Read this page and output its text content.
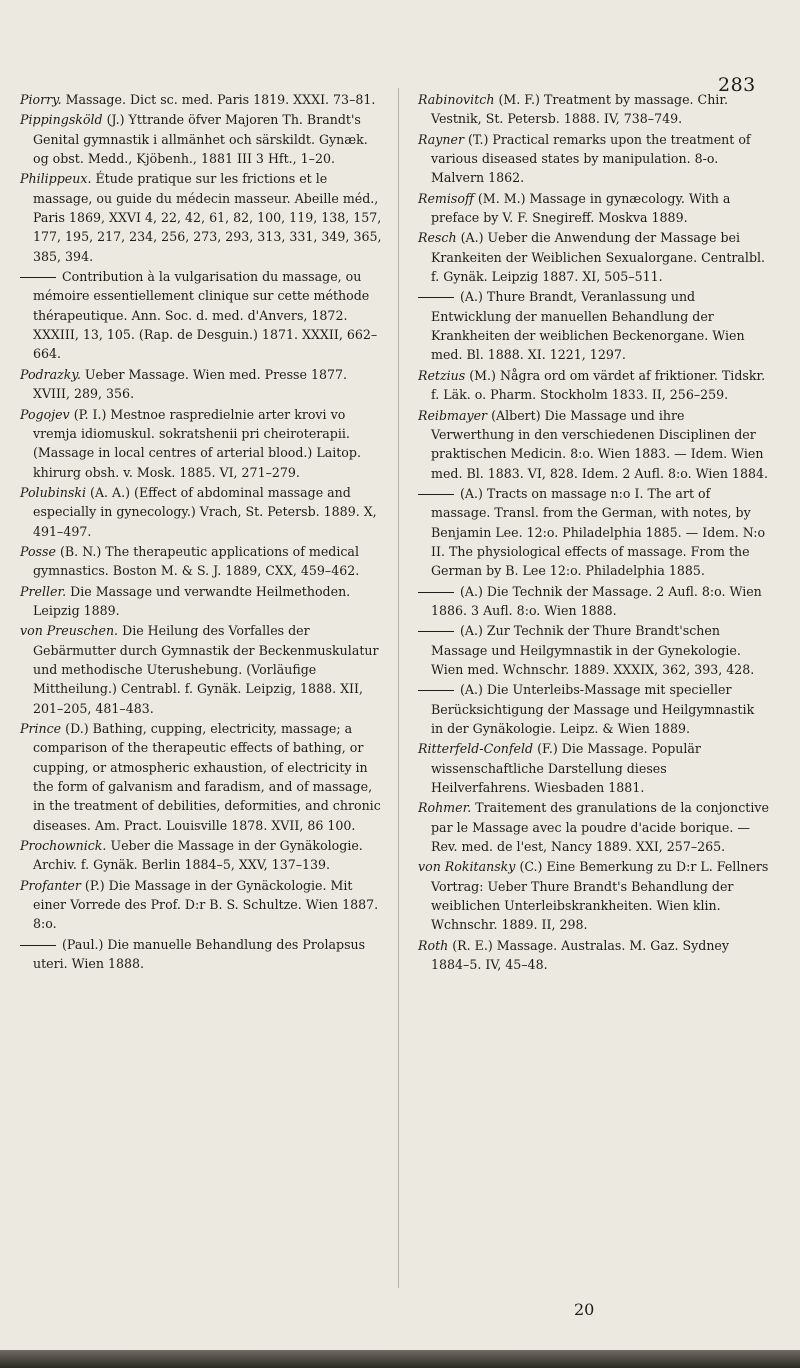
283
Piorry. Massage. Dict sc. med. Paris 1819. XXXI. 73–81.
Pippingsköld (J.) Yttrande öfver Majoren Th. Brandt's Genital gymnastik i allmänhet och särskildt. Gynæk. og obst. Medd., Kjöbenh., 1881 III 3 Hft., 1–20.
Philippeux. Étude pratique sur les frictions et le massage, ou guide du médecin masseur. Abeille méd., Paris 1869, XXVI 4, 22, 42, 61, 82, 100, 119, 138, 157, 177, 195, 217, 234, 256, 273, 293, 313, 331, 349, 365, 385, 394.
Contribution à la vulgarisation du massage, ou mémoire essentiellement clinique sur cette méthode thérapeutique. Ann. Soc. d. med. d'Anvers, 1872. XXXIII, 13, 105. (Rap. de Desguin.) 1871. XXXII, 662–664.
Podrazky. Ueber Massage. Wien med. Presse 1877. XVIII, 289, 356.
Pogojev (P. I.) Mestnoe raspredielnie arter krovi vo vremja idiomuskul. sokratshenii pri cheiroterapii. (Massage in local centres of arterial blood.) Laitop. khirurg obsh. v. Mosk. 1885. VI, 271–279.
Polubinski (A. A.) (Effect of abdominal massage and especially in gynecology.) Vrach, St. Petersb. 1889. X, 491–497.
Posse (B. N.) The therapeutic applications of medical gymnastics. Boston M. & S. J. 1889, CXX, 459–462.
Preller. Die Massage und verwandte Heilmethoden. Leipzig 1889.
von Preuschen. Die Heilung des Vorfalles der Gebärmutter durch Gymnastik der Beckenmuskulatur und methodische Uterushebung. (Vorläufige Mittheilung.) Centrabl. f. Gynäk. Leipzig, 1888. XII, 201–205, 481–483.
Prince (D.) Bathing, cupping, electricity, massage; a comparison of the therapeutic effects of bathing, or cupping, or atmospheric exhaustion, of electricity in the form of galvanism and faradism, and of massage, in the treatment of debilities, deformities, and chronic diseases. Am. Pract. Louisville 1878. XVII, 86 100.
Prochownick. Ueber die Massage in der Gynäkologie. Archiv. f. Gynäk. Berlin 1884–5, XXV, 137–139.
Profanter (P.) Die Massage in der Gynäckologie. Mit einer Vorrede des Prof. D:r B. S. Schultze. Wien 1887. 8:o.
(Paul.) Die manuelle Behandlung des Prolapsus uteri. Wien 1888.
Rabinovitch (M. F.) Treatment by massage. Chir. Vestnik, St. Petersb. 1888. IV, 738–749.
Rayner (T.) Practical remarks upon the treatment of various diseased states by manipulation. 8-o. Malvern 1862.
Remisoff (M. M.) Massage in gynæcology. With a preface by V. F. Snegireff. Moskva 1889.
Resch (A.) Ueber die Anwendung der Massage bei Krankeiten der Weiblichen Sexualorgane. Centralbl. f. Gynäk. Leipzig 1887. XI, 505–511.
(A.) Thure Brandt, Veranlassung und Entwicklung der manuellen Behandlung der Krankheiten der weiblichen Beckenorgane. Wien med. Bl. 1888. XI. 1221, 1297.
Retzius (M.) Några ord om värdet af friktioner. Tidskr. f. Läk. o. Pharm. Stockholm 1833. II, 256–259.
Reibmayer (Albert) Die Massage und ihre Verwerthung in den verschiedenen Disciplinen der praktischen Medicin. 8:o. Wien 1883. — Idem. Wien med. Bl. 1883. VI, 828. Idem. 2 Aufl. 8:o. Wien 1884.
(A.) Tracts on massage n:o I. The art of massage. Transl. from the German, with notes, by Benjamin Lee. 12:o. Philadelphia 1885. — Idem. N:o II. The physiological effects of massage. From the German by B. Lee 12:o. Philadelphia 1885.
(A.) Die Technik der Massage. 2 Aufl. 8:o. Wien 1886. 3 Aufl. 8:o. Wien 1888.
(A.) Zur Technik der Thure Brandt'schen Massage und Heilgymnastik in der Gynekologie. Wien med. Wchnschr. 1889. XXXIX, 362, 393, 428.
(A.) Die Unterleibs-Massage mit specieller Berücksichtigung der Massage und Heilgymnastik in der Gynäkologie. Leipz. & Wien 1889.
Ritterfeld-Confeld (F.) Die Massage. Populär wissenschaftliche Darstellung dieses Heilverfahrens. Wiesbaden 1881.
Rohmer. Traitement des granulations de la conjonctive par le Massage avec la poudre d'acide borique. — Rev. med. de l'est, Nancy 1889. XXI, 257–265.
von Rokitansky (C.) Eine Bemerkung zu D:r L. Fellners Vortrag: Ueber Thure Brandt's Behandlung der weiblichen Unterleibskrankheiten. Wien klin. Wchnschr. 1889. II, 298.
Roth (R. E.) Massage. Australas. M. Gaz. Sydney 1884–5. IV, 45–48.
20
